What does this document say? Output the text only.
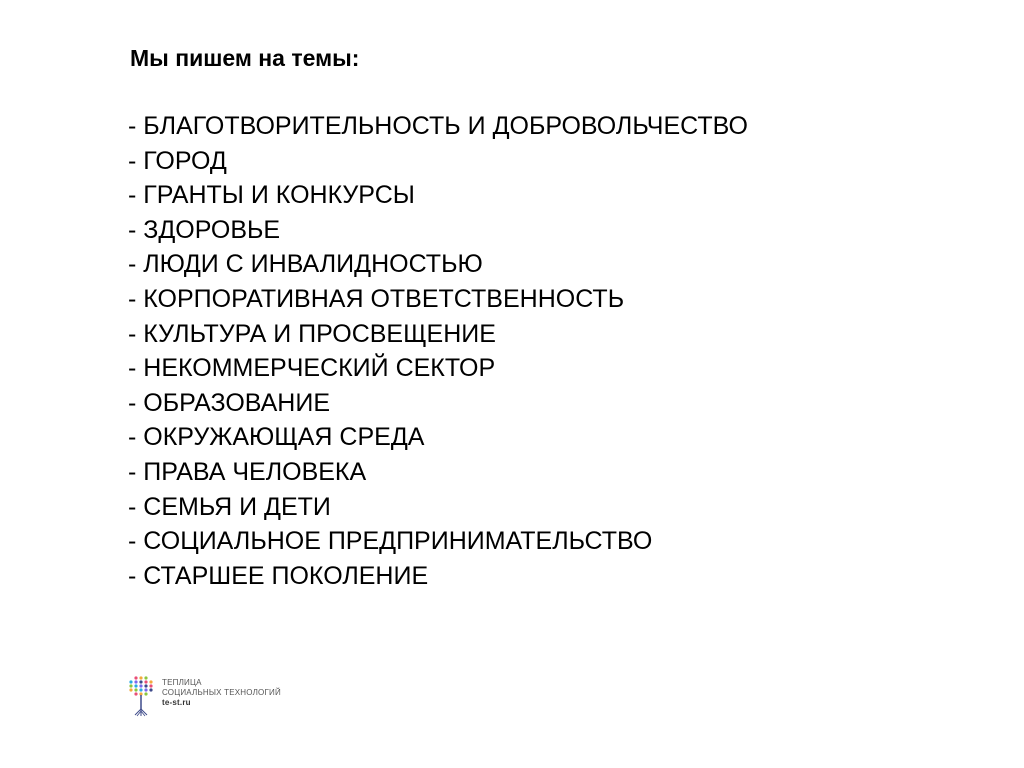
Мы пишем на темы:
- БЛАГОТВОРИТЕЛЬНОСТЬ И ДОБРОВОЛЬЧЕСТВО
- ГОРОД
- ГРАНТЫ И КОНКУРСЫ
- ЗДОРОВЬЕ
- ЛЮДИ С ИНВАЛИДНОСТЬЮ
- КОРПОРАТИВНАЯ ОТВЕТСТВЕННОСТЬ
- КУЛЬТУРА И ПРОСВЕЩЕНИЕ
- НЕКОММЕРЧЕСКИЙ СЕКТОР
- ОБРАЗОВАНИЕ
- ОКРУЖАЮЩАЯ СРЕДА
- ПРАВА ЧЕЛОВЕКА
- СЕМЬЯ И ДЕТИ
- СОЦИАЛЬНОЕ ПРЕДПРИНИМАТЕЛЬСТВО
- СТАРШЕЕ ПОКОЛЕНИЕ
ТЕПЛИЦА
СОЦИАЛЬНЫХ ТЕХНОЛОГИЙ
te-st.ru
